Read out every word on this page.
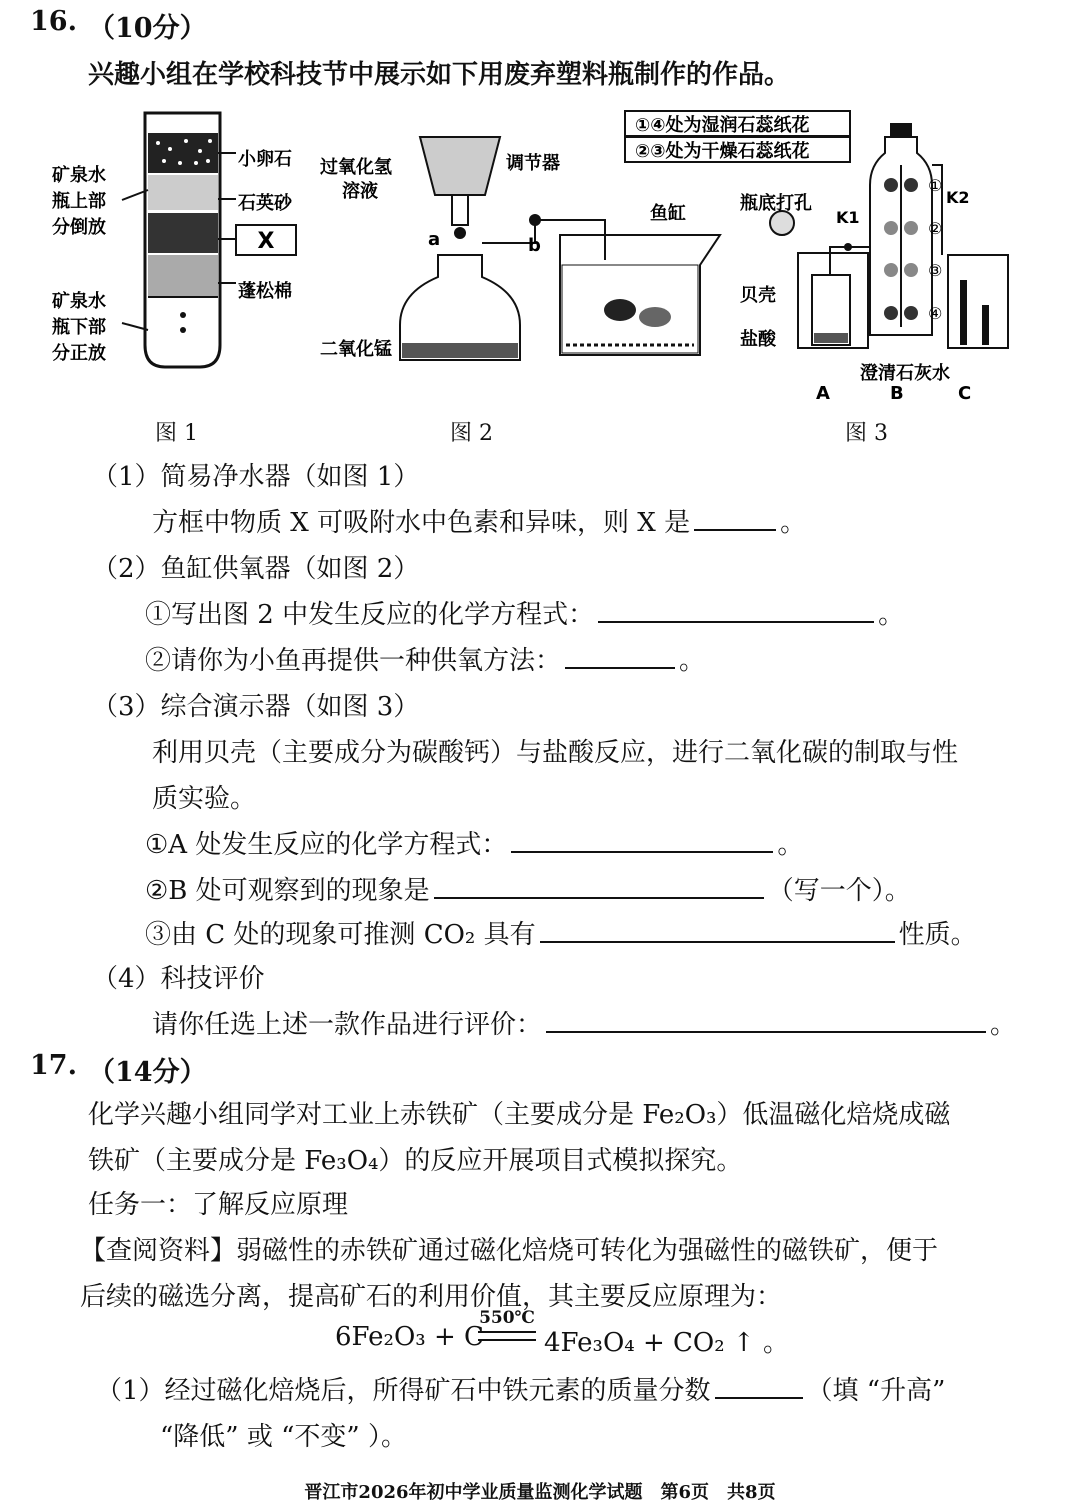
16. （10分）
兴趣小组在学校科技节中展示如下用废弃塑料瓶制作的作品。
X
小卵石
石英砂
蓬松棉
矿泉水
瓶上部
分倒放
矿泉水
瓶下部
分正放
过氧化氢
溶液
调节器
鱼缸
a	b
二氧化锰
①④处为湿润石蕊纸花
②③处为干燥石蕊纸花
①
②
③
④
瓶底打孔
K1
K2
贝壳
盐酸
澄清石灰水
A	B	C
图 1	图 2	图 3
（1）简易净水器（如图 1）
方框中物质 X 可吸附水中色素和异味，则 X 是	。
（2）鱼缸供氧器（如图 2）
①写出图 2 中发生反应的化学方程式：	。
②请你为小鱼再提供一种供氧方法：	。
（3）综合演示器（如图 3）
利用贝壳（主要成分为碳酸钙）与盐酸反应，进行二氧化碳的制取与性
质实验。
①A 处发生反应的化学方程式：	。
②B 处可观察到的现象是	（写一个）。
③由 C 处的现象可推测 CO₂ 具有	性质。
（4）科技评价
请你任选上述一款作品进行评价：	。
17. （14分）
化学兴趣小组同学对工业上赤铁矿（主要成分是 Fe₂O₃）低温磁化焙烧成磁
铁矿（主要成分是 Fe₃O₄）的反应开展项目式模拟探究。
任务一：了解反应原理
【查阅资料】弱磁性的赤铁矿通过磁化焙烧可转化为强磁性的磁铁矿，便于
后续的磁选分离，提高矿石的利用价值，其主要反应原理为：
6Fe₂O₃ + C
550℃
4Fe₃O₄ + CO₂ ↑ 。
（1）经过磁化焙烧后，所得矿石中铁元素的质量分数	（填 “升高”
“降低” 或 “不变” ）。
晋江市2026年初中学业质量监测化学试题　第6页　共8页
